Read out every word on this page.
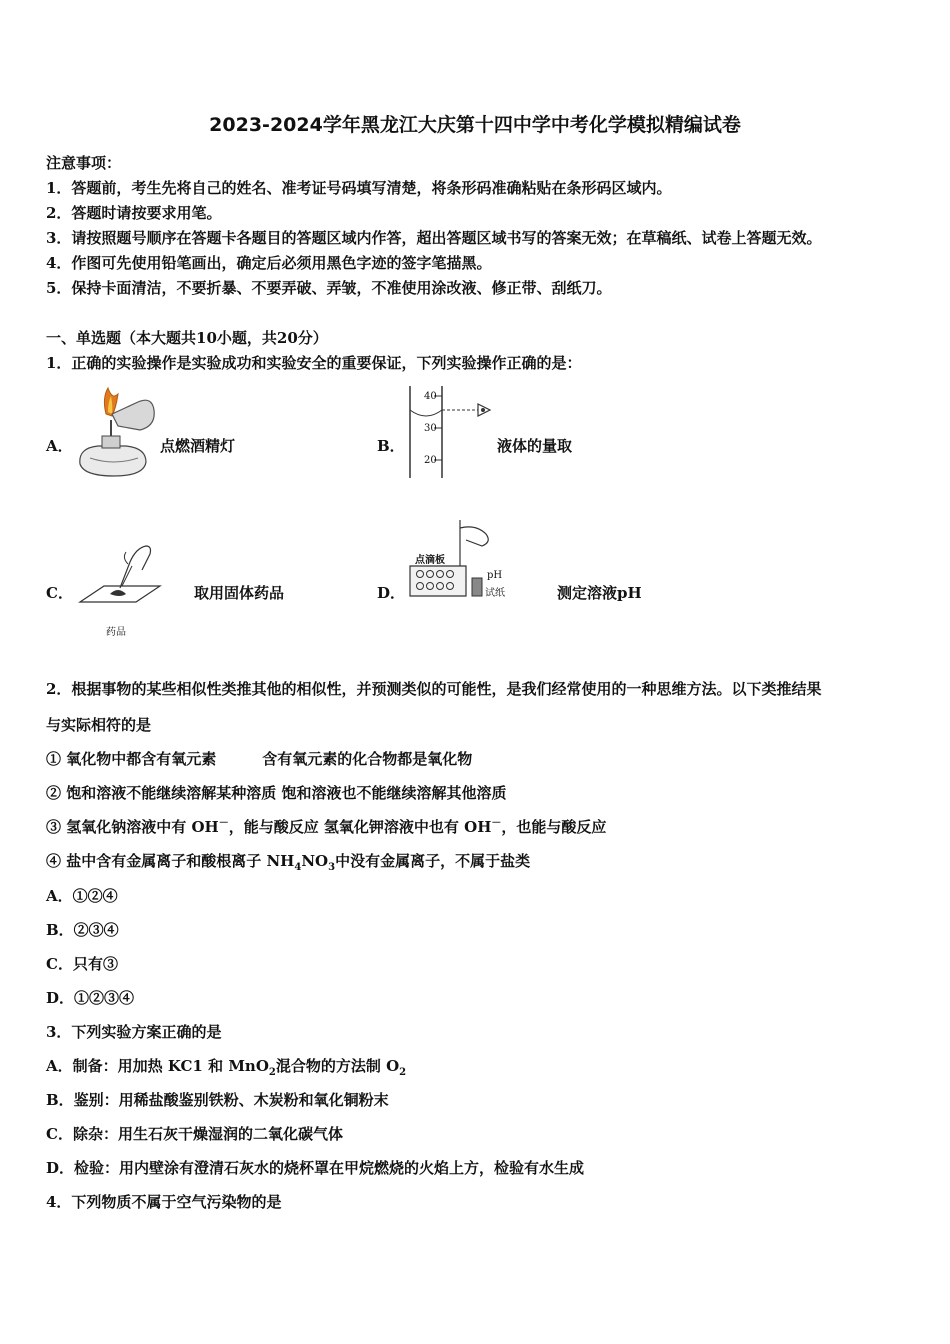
2023-2024学年黑龙江大庆第十四中学中考化学模拟精编试卷
注意事项：
1．答题前，考生先将自己的姓名、准考证号码填写清楚，将条形码准确粘贴在条形码区域内。
2．答题时请按要求用笔。
3．请按照题号顺序在答题卡各题目的答题区域内作答，超出答题区域书写的答案无效；在草稿纸、试卷上答题无效。
4．作图可先使用铅笔画出，确定后必须用黑色字迹的签字笔描黑。
5．保持卡面清洁，不要折暴、不要弄破、弄皱，不准使用涂改液、修正带、刮纸刀。
一、单选题（本大题共10小题，共20分）
1．正确的实验操作是实验成功和实验安全的重要保证，下列实验操作正确的是：
A．	点燃酒精灯	B．
40
30
20
液体的量取
C．
药品
取用固体药品	D．
点滴板
pH
试纸	测定溶液pH
2．根据事物的某些相似性类推其他的相似性，并预测类似的可能性，是我们经常使用的一种思维方法。以下类推结果
与实际相符的是
① 氧化物中都含有氧元素	含有氧元素的化合物都是氧化物
② 饱和溶液不能继续溶解某种溶质 饱和溶液也不能继续溶解其他溶质
③ 氢氧化钠溶液中有 OH－，能与酸反应 氢氧化钾溶液中也有 OH－，也能与酸反应
④ 盐中含有金属离子和酸根离子 $NH_4NO_3$中没有金属离子，不属于盐类
A．①②④
B．②③④
C．只有③
D．①②③④
3．下列实验方案正确的是
A．制备：用加热 KC1 和 MnO$_2$混合物的方法制 $O_2$
B．鉴别：用稀盐酸鉴别铁粉、木炭粉和氧化铜粉末
C．除杂：用生石灰干燥湿润的二氧化碳气体
D．检验：用内壁涂有澄清石灰水的烧杯罩在甲烷燃烧的火焰上方，检验有水生成
4．下列物质不属于空气污染物的是
